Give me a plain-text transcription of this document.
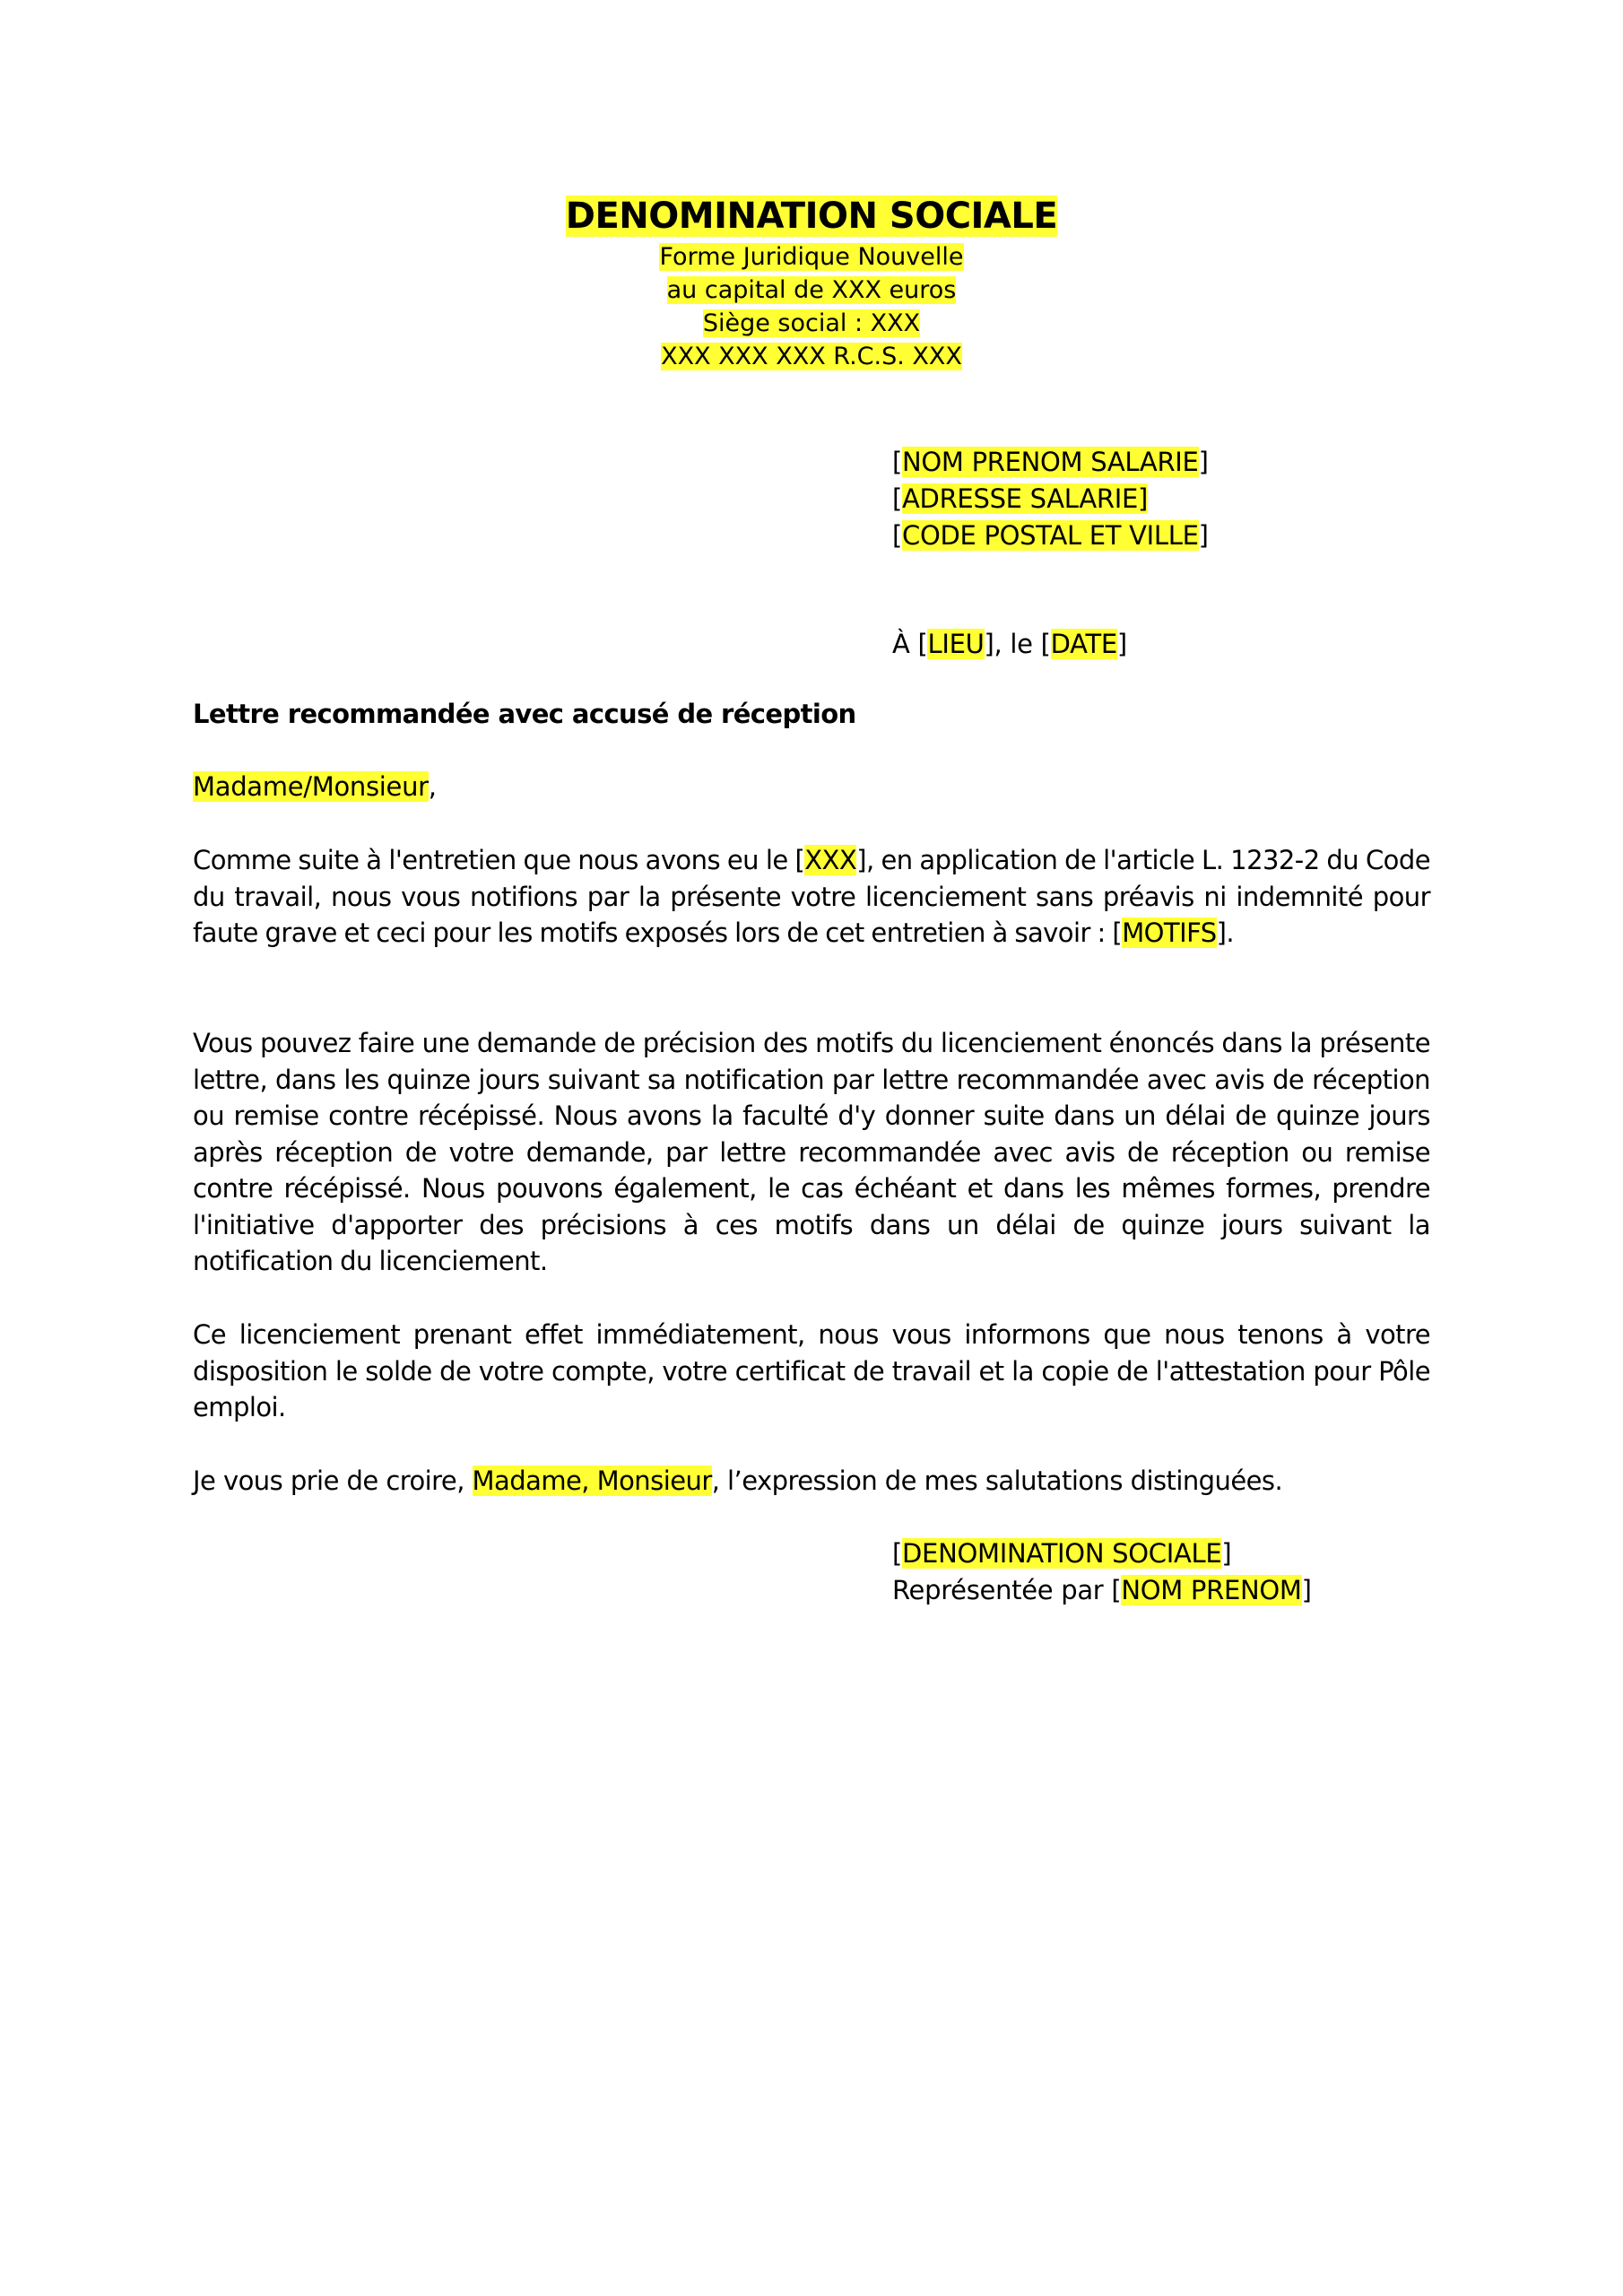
DENOMINATION SOCIALE
Forme Juridique Nouvelle
au capital de XXX euros
Siège social : XXX
XXX XXX XXX R.C.S. XXX
[NOM PRENOM SALARIE]
[ADRESSE SALARIE]
[CODE POSTAL ET VILLE]
À [LIEU], le [DATE]
Lettre recommandée avec accusé de réception
Madame/Monsieur,
Comme suite à l'entretien que nous avons eu le [XXX], en application de l'article L. 1232-2 du Code du travail, nous vous notifions par la présente votre licenciement sans préavis ni indemnité pour faute grave et ceci pour les motifs exposés lors de cet entretien à savoir : [MOTIFS].
Vous pouvez faire une demande de précision des motifs du licenciement énoncés dans la présente lettre, dans les quinze jours suivant sa notification par lettre recommandée avec avis de réception ou remise contre récépissé. Nous avons la faculté d'y donner suite dans un délai de quinze jours après réception de votre demande, par lettre recommandée avec avis de réception ou remise contre récépissé. Nous pouvons également, le cas échéant et dans les mêmes formes, prendre l'initiative d'apporter des précisions à ces motifs dans un délai de quinze jours suivant la notification du licenciement.
Ce licenciement prenant effet immédiatement, nous vous informons que nous tenons à votre disposition le solde de votre compte, votre certificat de travail et la copie de l'attestation pour Pôle emploi.
Je vous prie de croire, Madame, Monsieur, l’expression de mes salutations distinguées.
[DENOMINATION SOCIALE]
Représentée par [NOM PRENOM]
